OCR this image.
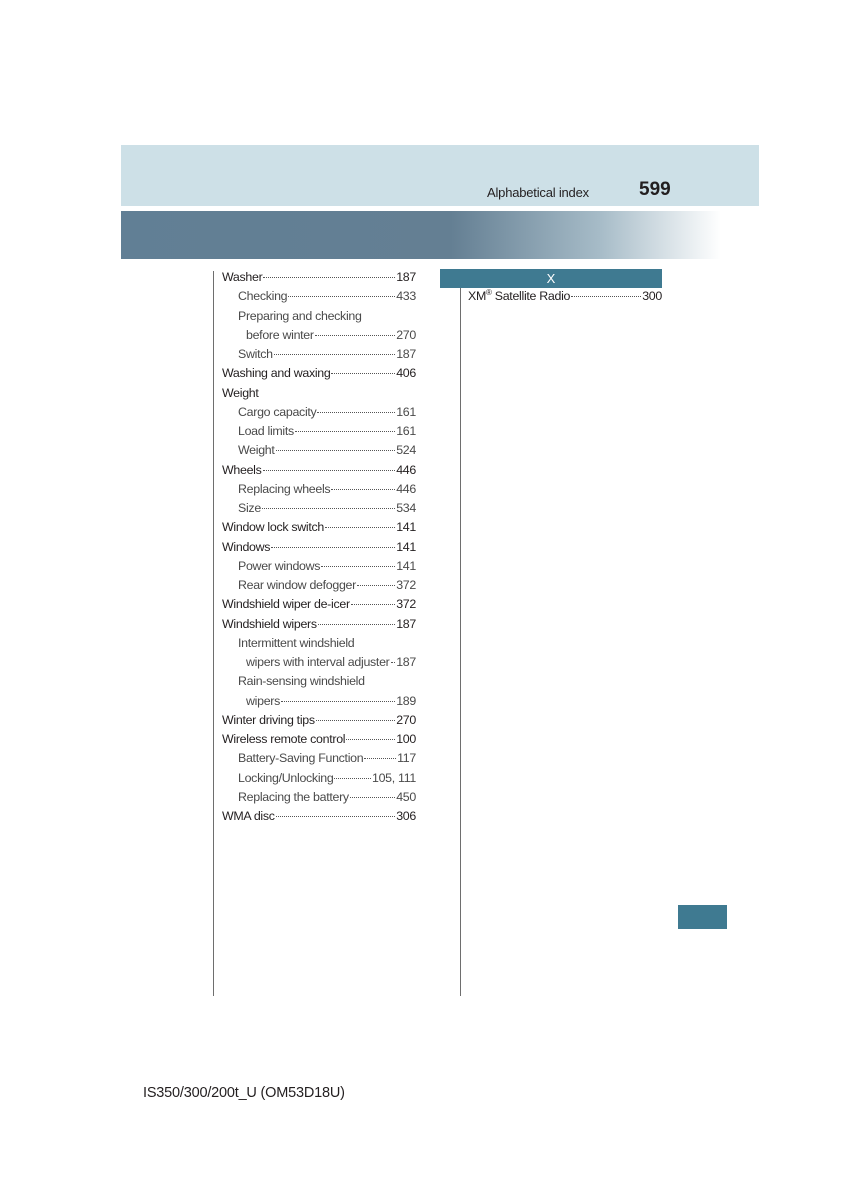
Alphabetical index	599
Washer	187
Checking	433
Preparing and checking
before winter	270
Switch	187
Washing and waxing	406
Weight
Cargo capacity	161
Load limits	161
Weight	524
Wheels	446
Replacing wheels	446
Size	534
Window lock switch	141
Windows	141
Power windows	141
Rear window defogger	372
Windshield wiper de-icer	372
Windshield wipers	187
Intermittent windshield
wipers with interval adjuster 187
Rain-sensing windshield
wipers	189
Winter driving tips	270
Wireless remote control	100
Battery-Saving Function	117
Locking/Unlocking	105, 111
Replacing the battery	450
WMA disc	306
X
XM® Satellite Radio	300
IS350/300/200t_U (OM53D18U)
